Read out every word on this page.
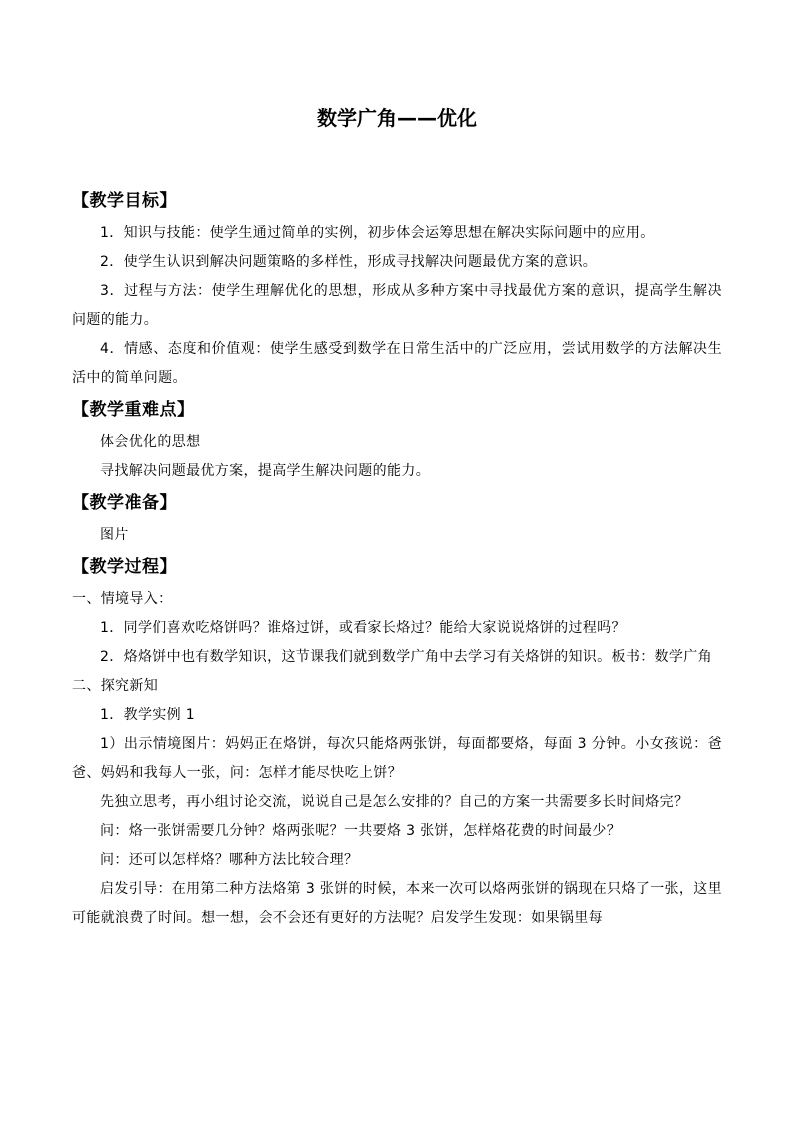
数学广角——优化
【教学目标】

1．知识与技能：使学生通过简单的实例，初步体会运筹思想在解决实际问题中的应用。

2．使学生认识到解决问题策略的多样性，形成寻找解决问题最优方案的意识。

3．过程与方法：使学生理解优化的思想，形成从多种方案中寻找最优方案的意识，提高学生解决问题的能力。

4．情感、态度和价值观：使学生感受到数学在日常生活中的广泛应用，尝试用数学的方法解决生活中的简单问题。

【教学重难点】

体会优化的思想

寻找解决问题最优方案，提高学生解决问题的能力。

【教学准备】

图片

【教学过程】

一、情境导入：

1．同学们喜欢吃烙饼吗？谁烙过饼，或看家长烙过？能给大家说说烙饼的过程吗？

2．烙烙饼中也有数学知识，这节课我们就到数学广角中去学习有关烙饼的知识。板书：数学广角

二、探究新知

1．教学实例 1

1）出示情境图片：妈妈正在烙饼，每次只能烙两张饼，每面都要烙，每面 3 分钟。小女孩说：爸爸、妈妈和我每人一张，问：怎样才能尽快吃上饼？

先独立思考，再小组讨论交流，说说自己是怎么安排的？自己的方案一共需要多长时间烙完？

问：烙一张饼需要几分钟？烙两张呢？一共要烙 3 张饼，怎样烙花费的时间最少？

问：还可以怎样烙？哪种方法比较合理？

启发引导：在用第二种方法烙第 3 张饼的时候，本来一次可以烙两张饼的锅现在只烙了一张，这里可能就浪费了时间。想一想，会不会还有更好的方法呢？启发学生发现：如果锅里每
